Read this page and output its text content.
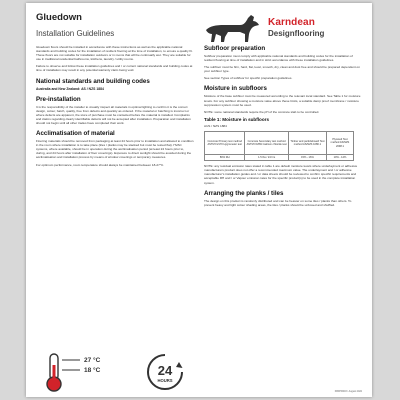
Gluedown
Installation Guidelines
Karndean
Designflooring

Gluedown floors should be installed in accordance with these instructions as well as the applicable national standards and building codes for the installation of resilient flooring at the time of installation, to ensure a quality fit. These floors are not suitable for installation outdoors or in rooms that will be continually wet. They are suitable for use in traditional residential bathrooms, kitchens, laundry / utility rooms.

Failure to observe and follow these installation guidelines and / or current national standards and building codes at time of installation may result in any potential warranty claim being void.

National standards and building codes
Australia and New Zealand: AS / NZS 1884
Pre-installation

It is the responsibility of the installer to visually inspect all materials in optimal lighting to confirm it is the correct design, colour, batch, quality, free from defects and quantity as ordered. If the material or batching is incorrect or where defects are apparent, the store of purchase must be contacted before the material is installed. Complaints and claims regarding clearly identifiable defects will not be accepted after installation. Preparation and installation should not begin until all other trades have completed their work.

Acclimatisation of material

Flooring materials should be removed from packaging at least 24 hours prior to installation and allowed to condition in the room where installation is to take place (tiles / planks may be stacked but must be rested flat). HVAC systems, where available, should be in operation during the acclimatisation period (at least 24 hours prior to, during, and 24 hours after installation of floor coverings). Exposure to direct sunlight should be avoided during the acclimatisation and installation process by means of window coverings or temporary measures.

For optimum performance, room temperature should always be maintained between 18-27°C.

27 °C
18 °C	24
HOURS
Subfloor preparation

Subfloor preparation must comply with applicable national standards and building codes for the installation of resilient flooring at time of installation and in strict accordance with these installation guidelines.

The subfloor must be firm, hard, flat, level, smooth, dry, clean and dust free and should be prepared dependent on your subfloor type.

See section Types of subfloor for specific preparation guidelines.

Moisture in subfloors

Moisture of the base subfloor must be measured according to the relevant local standard. See Table 1 for moisture levels. For any subfloor showing a moisture value above these limits, a suitable damp proof membrane / moisture suppression system must be used.

NOTE: some national standards require the pH of the concrete slab to be controlled.

Table 1: Moisture in subfloors

AUS / NZS 1884

Concrete Primary test method ASTM F2170 Hygrometer test	Concrete Secondary test method ASTM F1869 Calcium chloride test	Timber and particleboard Test method AS/NZS 1080.1	Plywood Test method AS/NZS 2098.1
80% RH	1.5 lbs / 24 hrs	15% - 16%	10% - 14%

NOTE: any residual emission rates stated in table 1 are default moisture levels where underlayment or adhesive manufacturers product does not offer a recommended maximum value. The underlayment and / or adhesive manufacturer's installation guides and / or data sheets should be reviewed to confirm specific requirements and acceptable RH and / or Vapour emission rates for the specific product(s) to be used in the complete installation system.

Arranging the planks / tiles

The design on this product is randomly distributed and can be heavier on some tiles / planks than others. To prevent heavy and light colour shading areas, the tiles / planks should be unboxed and shuffled.

KBFPR003 / August 2022
